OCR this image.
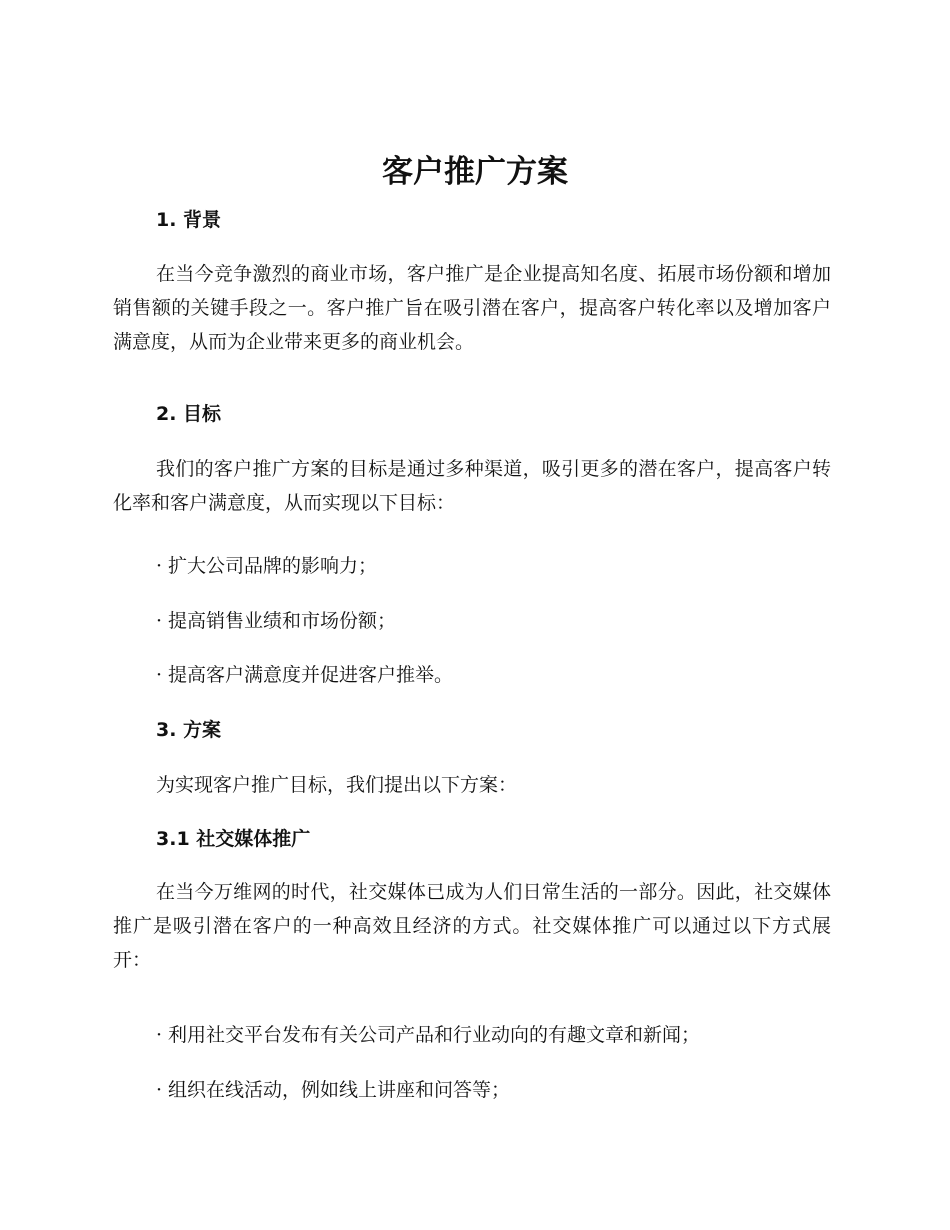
客户推广方案
1. 背景

在当今竞争激烈的商业市场，客户推广是企业提高知名度、拓展市场份额和增加销售额的关键手段之一。客户推广旨在吸引潜在客户，提高客户转化率以及增加客户满意度，从而为企业带来更多的商业机会。

2. 目标

我们的客户推广方案的目标是通过多种渠道，吸引更多的潜在客户，提高客户转化率和客户满意度，从而实现以下目标：

· 扩大公司品牌的影响力；

· 提高销售业绩和市场份额；

· 提高客户满意度并促进客户推举。

3. 方案

为实现客户推广目标，我们提出以下方案：

3.1 社交媒体推广

在当今万维网的时代，社交媒体已成为人们日常生活的一部分。因此，社交媒体推广是吸引潜在客户的一种高效且经济的方式。社交媒体推广可以通过以下方式展开：

· 利用社交平台发布有关公司产品和行业动向的有趣文章和新闻；

· 组织在线活动，例如线上讲座和问答等；
